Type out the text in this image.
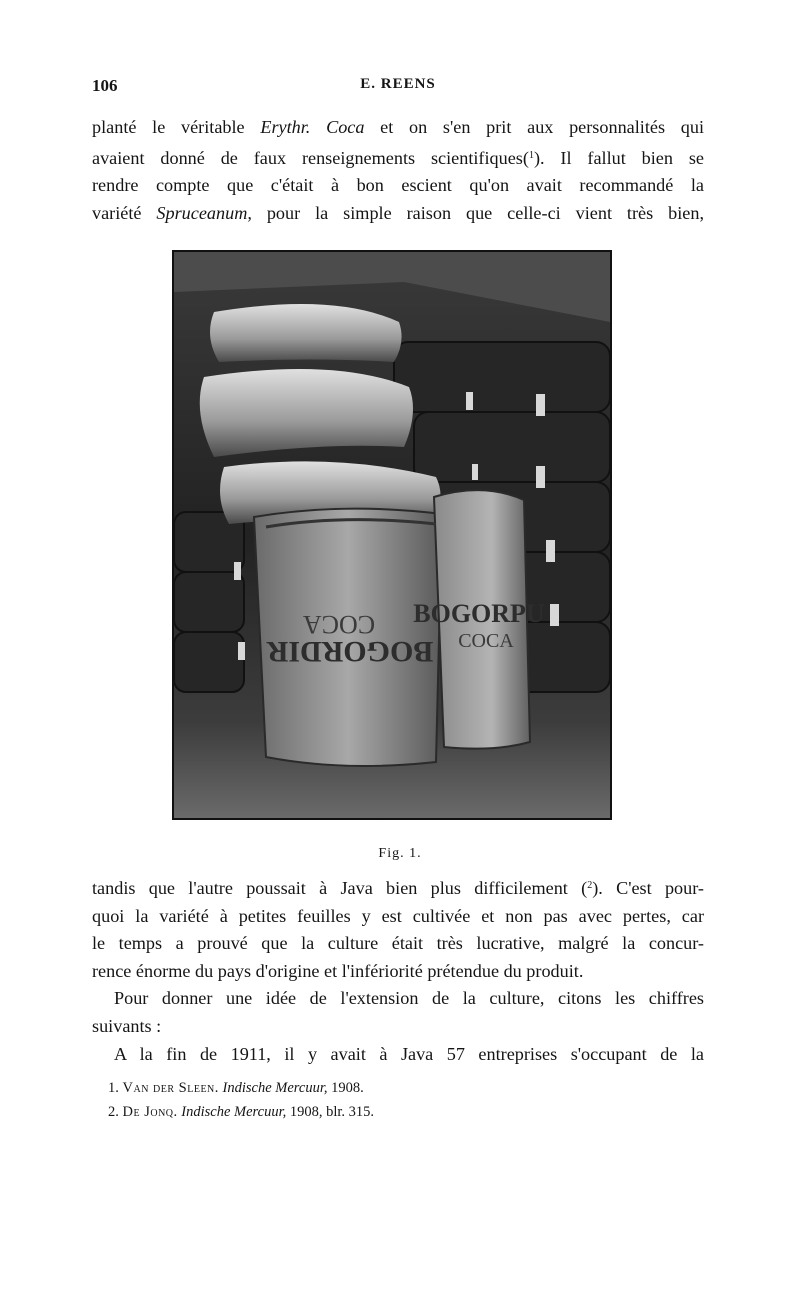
106	E. REENS
planté le véritable Erythr. Coca et on s'en prit aux personnalités qui
avaient donné de faux renseignements scientifiques($^1$). Il fallut bien se
rendre compte que c'était à bon escient qu'on avait recommandé la
variété Spruceanum, pour la simple raison que celle-ci vient très bien,
BOGORDIR
COCA BOGORPU
COCA
Fig. 1.
tandis que l'autre poussait à Java bien plus difficilement ($^2$). C'est pour-
quoi la variété à petites feuilles y est cultivée et non pas avec pertes, car
le temps a prouvé que la culture était très lucrative, malgré la concur-
rence énorme du pays d'origine et l'infériorité prétendue du produit.
Pour donner une idée de l'extension de la culture, citons les chiffres
suivants :
A la fin de 1911, il y avait à Java 57 entreprises s'occupant de la
1. Van der Sleen. Indische Mercuur, 1908.
2. De Jonq. Indische Mercuur, 1908, blr. 315.
